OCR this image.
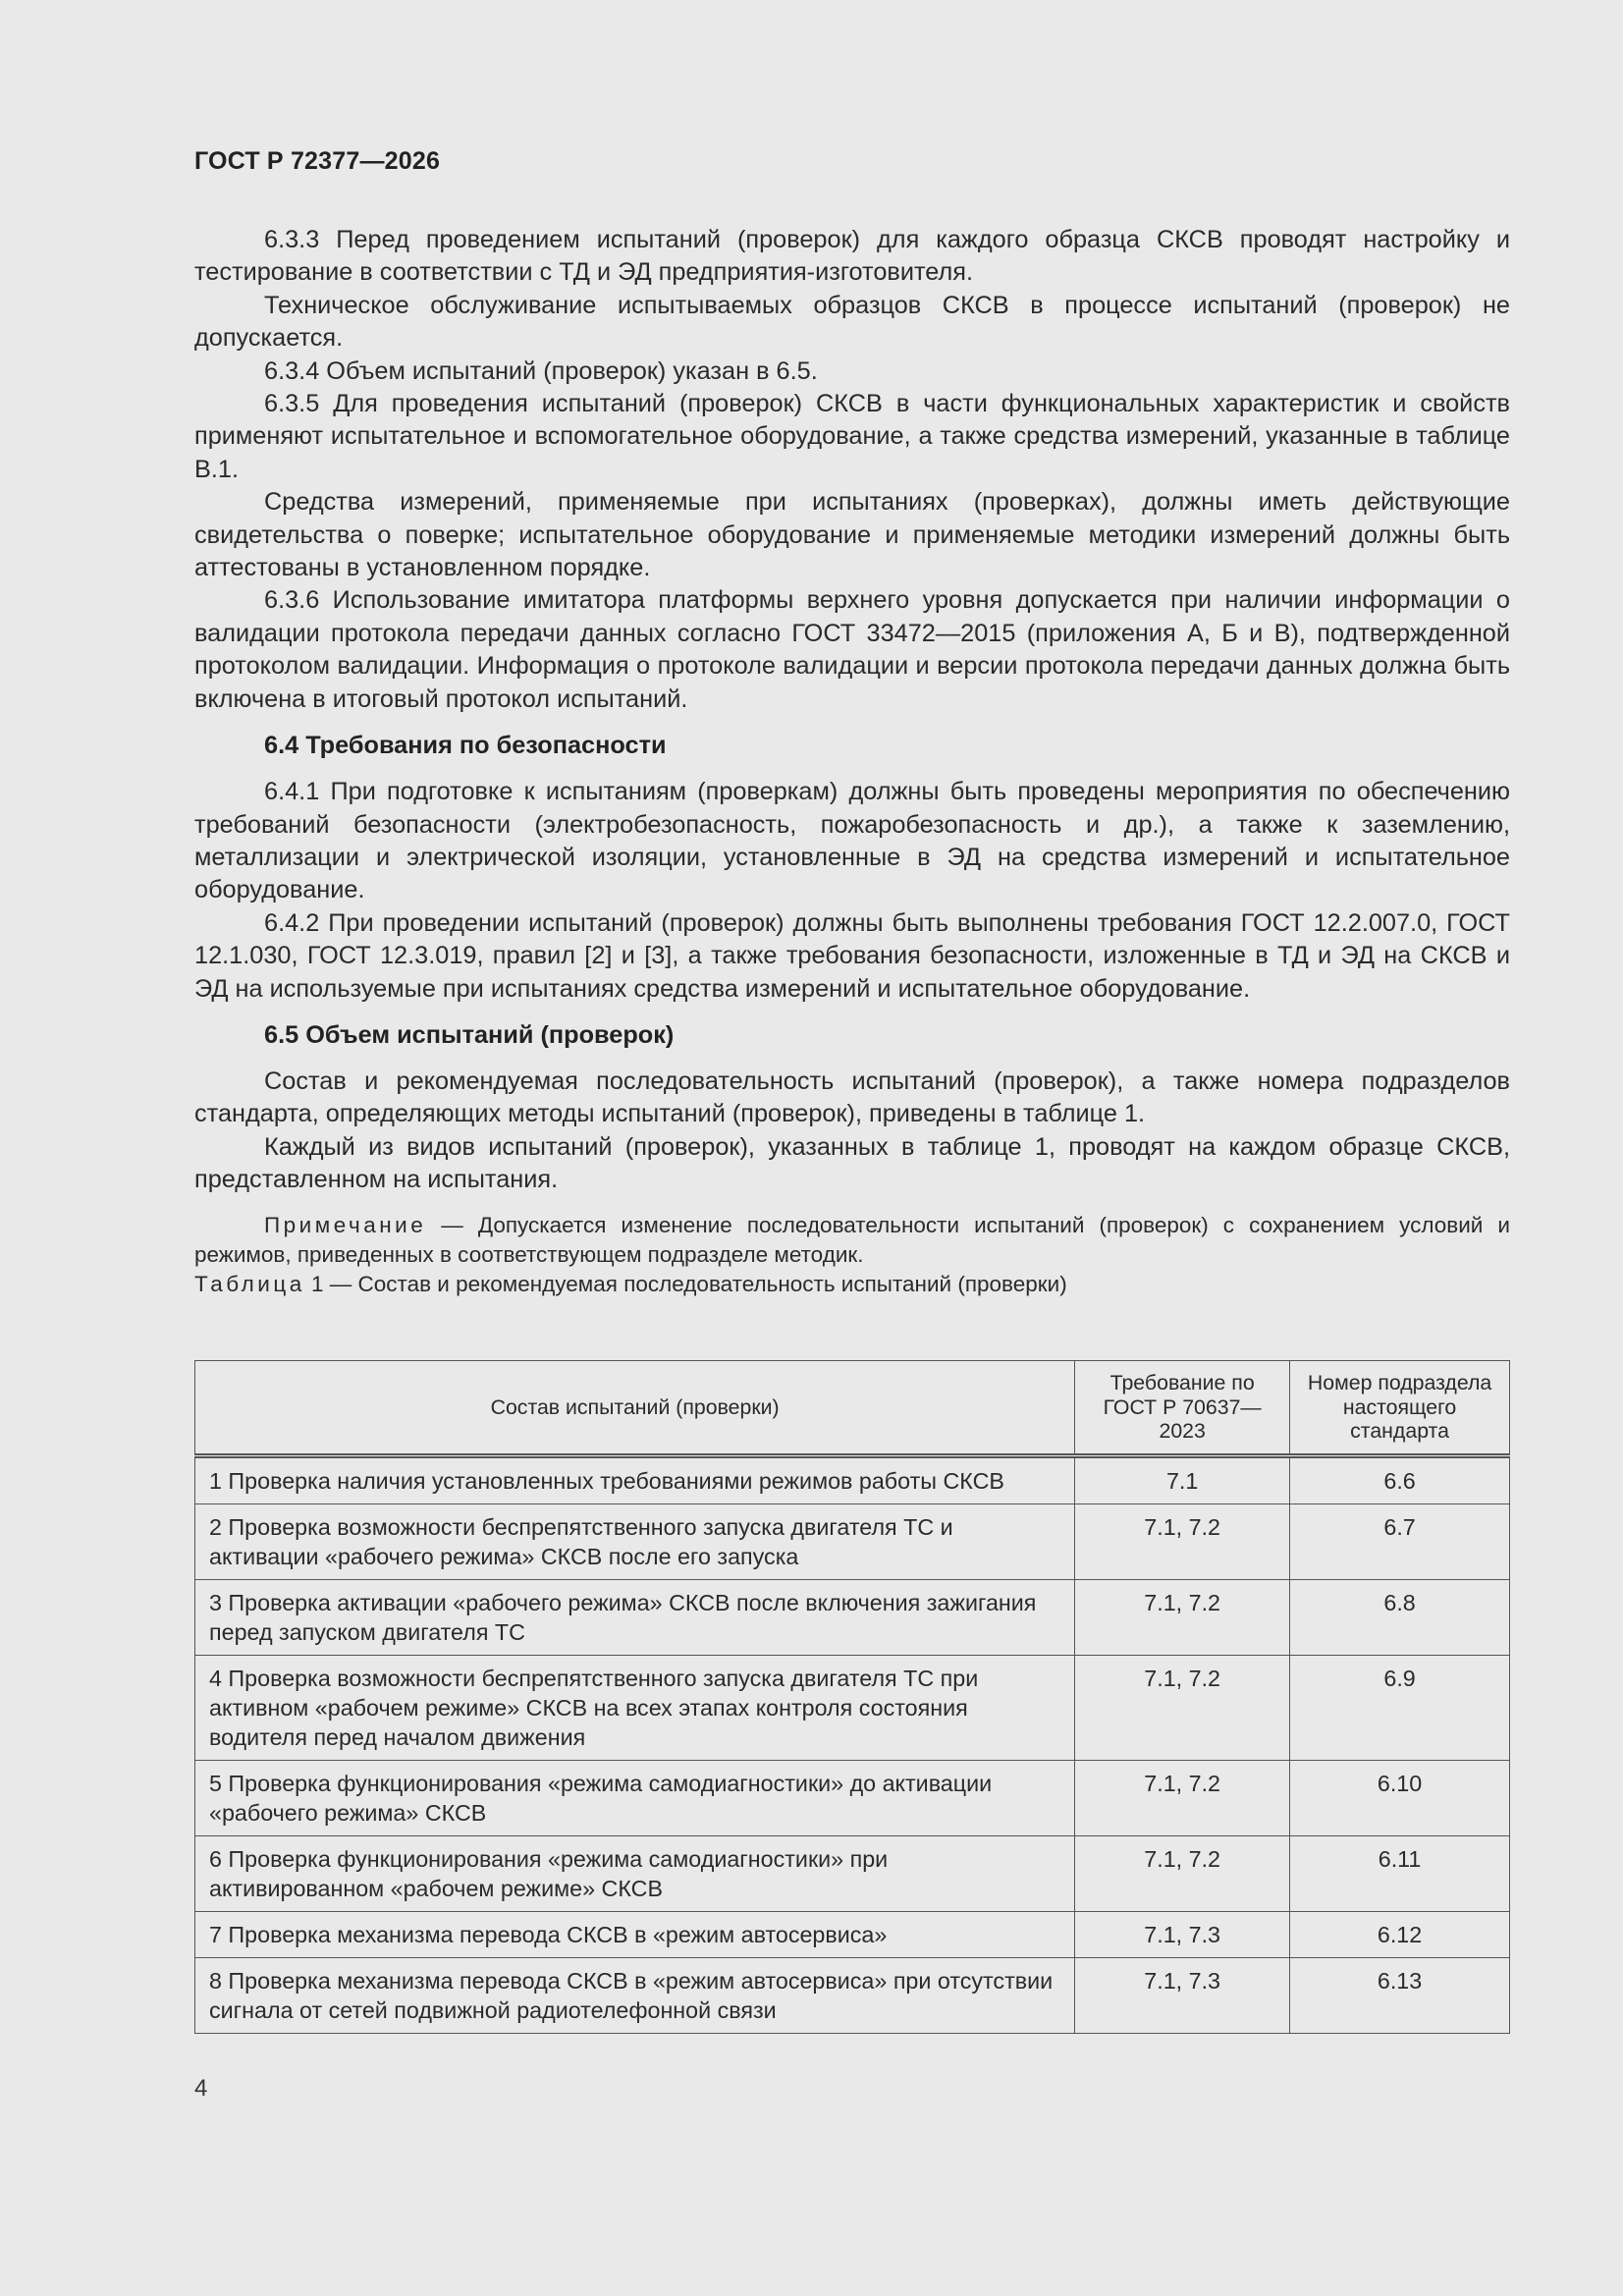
ГОСТ Р 72377—2026

6.3.3 Перед проведением испытаний (проверок) для каждого образца СКСВ проводят настройку и тестирование в соответствии с ТД и ЭД предприятия-изготовителя.

Техническое обслуживание испытываемых образцов СКСВ в процессе испытаний (проверок) не допускается.

6.3.4 Объем испытаний (проверок) указан в 6.5.

6.3.5 Для проведения испытаний (проверок) СКСВ в части функциональных характеристик и свойств применяют испытательное и вспомогательное оборудование, а также средства измерений, указанные в таблице В.1.

Средства измерений, применяемые при испытаниях (проверках), должны иметь действующие свидетельства о поверке; испытательное оборудование и применяемые методики измерений должны быть аттестованы в установленном порядке.

6.3.6 Использование имитатора платформы верхнего уровня допускается при наличии информации о валидации протокола передачи данных согласно ГОСТ 33472—2015 (приложения А, Б и В), подтвержденной протоколом валидации. Информация о протоколе валидации и версии протокола передачи данных должна быть включена в итоговый протокол испытаний.

6.4 Требования по безопасности

6.4.1 При подготовке к испытаниям (проверкам) должны быть проведены мероприятия по обеспечению требований безопасности (электробезопасность, пожаробезопасность и др.), а также к заземлению, металлизации и электрической изоляции, установленные в ЭД на средства измерений и испытательное оборудование.

6.4.2 При проведении испытаний (проверок) должны быть выполнены требования ГОСТ 12.2.007.0, ГОСТ 12.1.030, ГОСТ 12.3.019, правил [2] и [3], а также требования безопасности, изложенные в ТД и ЭД на СКСВ и ЭД на используемые при испытаниях средства измерений и испытательное оборудование.

6.5 Объем испытаний (проверок)

Состав и рекомендуемая последовательность испытаний (проверок), а также номера подразделов стандарта, определяющих методы испытаний (проверок), приведены в таблице 1.

Каждый из видов испытаний (проверок), указанных в таблице 1, проводят на каждом образце СКСВ, представленном на испытания.

Примечание — Допускается изменение последовательности испытаний (проверок) с сохранением условий и режимов, приведенных в соответствующем подразделе методик.

Таблица 1 — Состав и рекомендуемая последовательность испытаний (проверки)

Состав испытаний (проверки)	Требование по ГОСТ Р 70637—2023	Номер подраздела настоящего стандарта
1 Проверка наличия установленных требованиями режимов работы СКСВ	7.1	6.6
2 Проверка возможности беспрепятственного запуска двигателя ТС и активации «рабочего режима» СКСВ после его запуска	7.1, 7.2	6.7
3 Проверка активации «рабочего режима» СКСВ после включения зажигания перед запуском двигателя ТС	7.1, 7.2	6.8
4 Проверка возможности беспрепятственного запуска двигателя ТС при активном «рабочем режиме» СКСВ на всех этапах контроля состояния водителя перед началом движения	7.1, 7.2	6.9
5 Проверка функционирования «режима самодиагностики» до активации «рабочего режима» СКСВ	7.1, 7.2	6.10
6 Проверка функционирования «режима самодиагностики» при активированном «рабочем режиме» СКСВ	7.1, 7.2	6.11
7 Проверка механизма перевода СКСВ в «режим автосервиса»	7.1, 7.3	6.12
8 Проверка механизма перевода СКСВ в «режим автосервиса» при отсутствии сигнала от сетей подвижной радиотелефонной связи	7.1, 7.3	6.13
4
